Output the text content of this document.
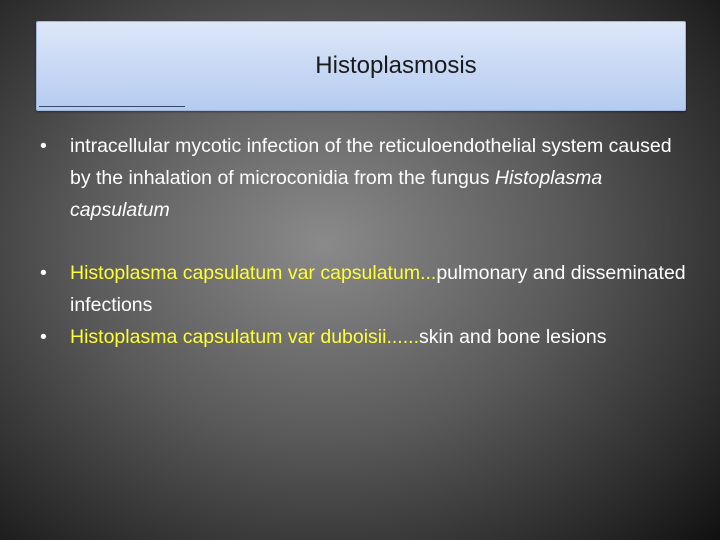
Histoplasmosis

•	intracellular mycotic infection of the reticuloendothelial system caused by the inhalation of microconidia from the fungus Histoplasma capsulatum

•	Histoplasma capsulatum var capsulatum...pulmonary and disseminated infections

•	Histoplasma capsulatum var duboisii......skin and bone lesions
